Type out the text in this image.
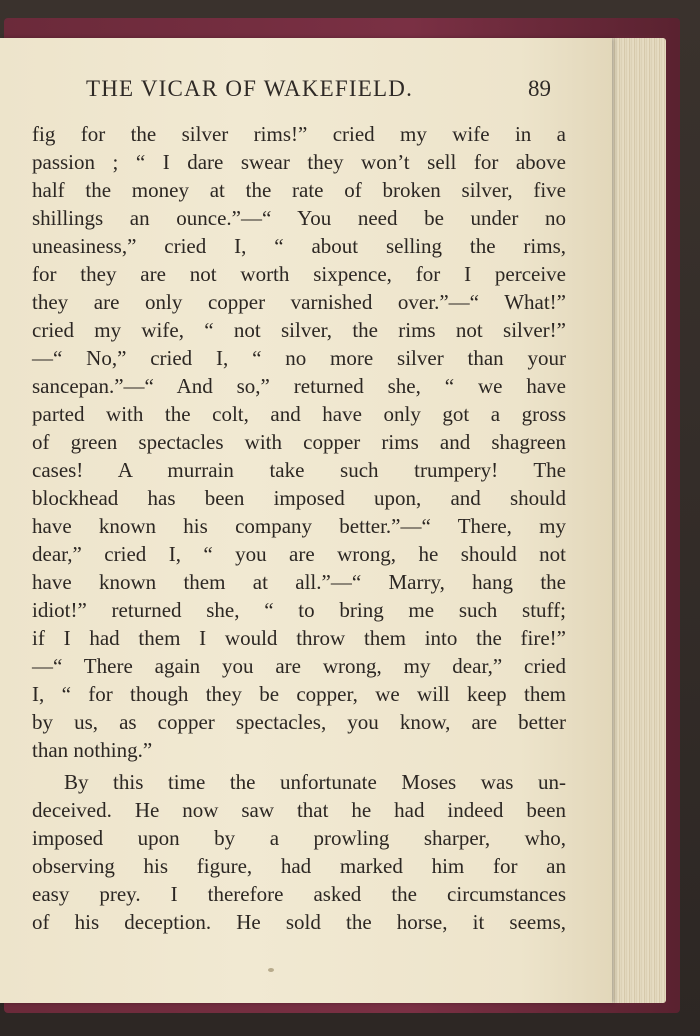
THE VICAR OF WAKEFIELD.	89
fig for the silver rims!” cried my wife in a
passion ; “ I dare swear they won’t sell for above
half the money at the rate of broken silver, five
shillings an ounce.”—“ You need be under no
uneasiness,” cried I, “ about selling the rims,
for they are not worth sixpence, for I perceive
they are only copper varnished over.”—“ What!”
cried my wife, “ not silver, the rims not silver!”
—“ No,” cried I, “ no more silver than your
sancepan.”—“ And so,” returned she, “ we have
parted with the colt, and have only got a gross
of green spectacles with copper rims and shagreen
cases! A murrain take such trumpery! The
blockhead has been imposed upon, and should
have known his company better.”—“ There, my
dear,” cried I, “ you are wrong, he should not
have known them at all.”—“ Marry, hang the
idiot!” returned she, “ to bring me such stuff;
if I had them I would throw them into the fire!”
—“ There again you are wrong, my dear,” cried
I, “ for though they be copper, we will keep them
by us, as copper spectacles, you know, are better
than nothing.”
By this time the unfortunate Moses was un-
deceived. He now saw that he had indeed been
imposed upon by a prowling sharper, who,
observing his figure, had marked him for an
easy prey. I therefore asked the circumstances
of his deception. He sold the horse, it seems,
